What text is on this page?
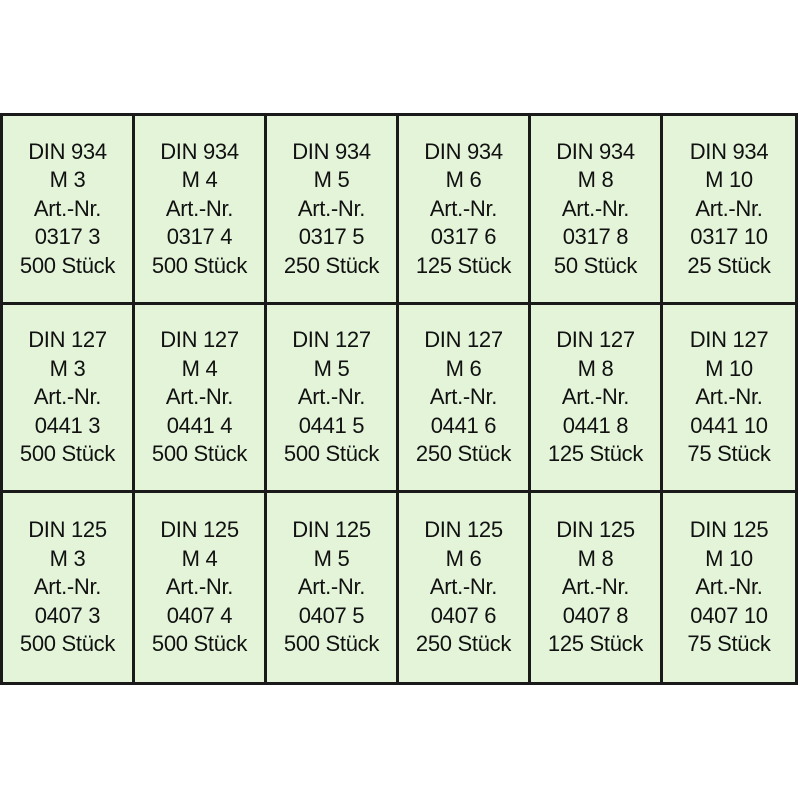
DIN 934
M 3
Art.-Nr.
0317 3
500 Stück
DIN 934
M 4
Art.-Nr.
0317 4
500 Stück
DIN 934
M 5
Art.-Nr.
0317 5
250 Stück
DIN 934
M 6
Art.-Nr.
0317 6
125 Stück
DIN 934
M 8
Art.-Nr.
0317 8
50 Stück
DIN 934
M 10
Art.-Nr.
0317 10
25 Stück
DIN 127
M 3
Art.-Nr.
0441 3
500 Stück
DIN 127
M 4
Art.-Nr.
0441 4
500 Stück
DIN 127
M 5
Art.-Nr.
0441 5
500 Stück
DIN 127
M 6
Art.-Nr.
0441 6
250 Stück
DIN 127
M 8
Art.-Nr.
0441 8
125 Stück
DIN 127
M 10
Art.-Nr.
0441 10
75 Stück
DIN 125
M 3
Art.-Nr.
0407 3
500 Stück
DIN 125
M 4
Art.-Nr.
0407 4
500 Stück
DIN 125
M 5
Art.-Nr.
0407 5
500 Stück
DIN 125
M 6
Art.-Nr.
0407 6
250 Stück
DIN 125
M 8
Art.-Nr.
0407 8
125 Stück
DIN 125
M 10
Art.-Nr.
0407 10
75 Stück
